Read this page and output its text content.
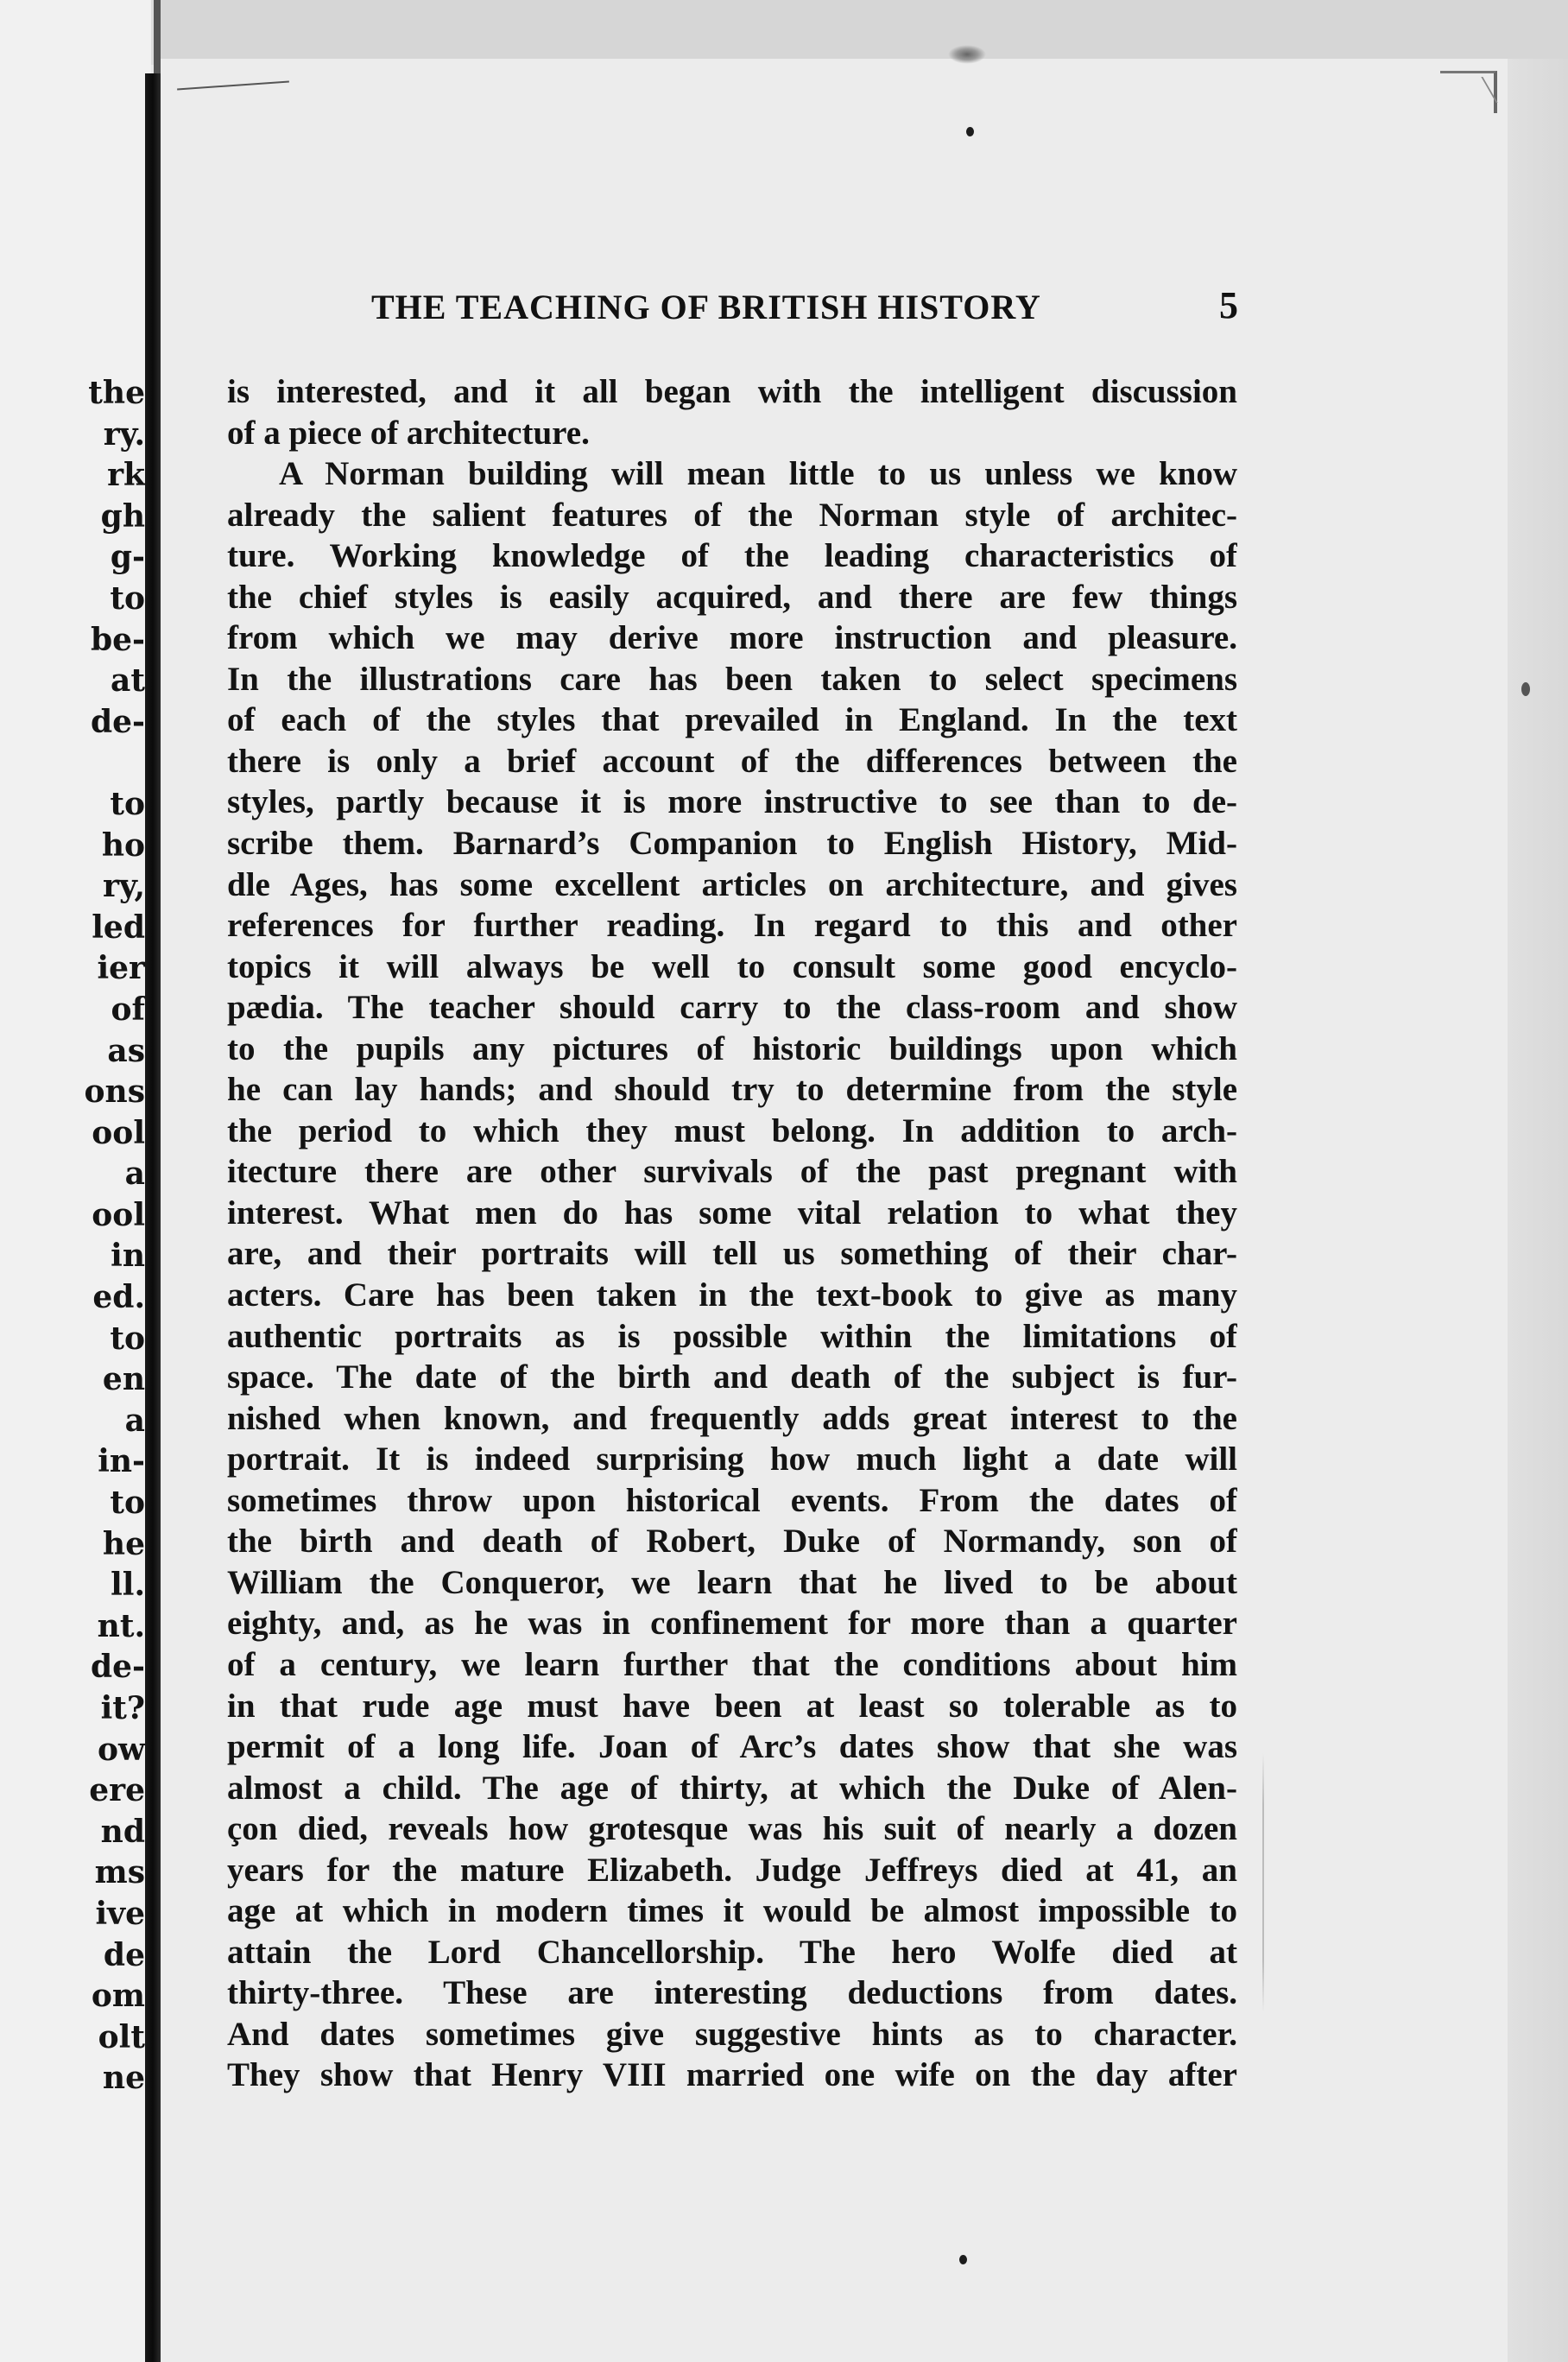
the
ry.
rk
gh
g-
to
be-
at
de-
to
ho
ry,
led
ier
of
as
ons
ool
a
ool
in
ed.
to
en
a
in-
to
he
ll.
nt.
de-
it?
ow
ere
nd
ms
ive
de
om
olt
ne
THE TEACHING OF BRITISH HISTORY	5
is interested, and it all began with the intelligent discussion
of a piece of architecture.
A Norman building will mean little to us unless we know
already the salient features of the Norman style of architec-
ture. Working knowledge of the leading characteristics of
the chief styles is easily acquired, and there are few things
from which we may derive more instruction and pleasure.
In the illustrations care has been taken to select specimens
of each of the styles that prevailed in England. In the text
there is only a brief account of the differences between the
styles, partly because it is more instructive to see than to de-
scribe them. Barnard’s Companion to English History, Mid-
dle Ages, has some excellent articles on architecture, and gives
references for further reading. In regard to this and other
topics it will always be well to consult some good encyclo-
pædia. The teacher should carry to the class-room and show
to the pupils any pictures of historic buildings upon which
he can lay hands; and should try to determine from the style
the period to which they must belong. In addition to arch-
itecture there are other survivals of the past pregnant with
interest. What men do has some vital relation to what they
are, and their portraits will tell us something of their char-
acters. Care has been taken in the text-book to give as many
authentic portraits as is possible within the limitations of
space. The date of the birth and death of the subject is fur-
nished when known, and frequently adds great interest to the
portrait. It is indeed surprising how much light a date will
sometimes throw upon historical events. From the dates of
the birth and death of Robert, Duke of Normandy, son of
William the Conqueror, we learn that he lived to be about
eighty, and, as he was in confinement for more than a quarter
of a century, we learn further that the conditions about him
in that rude age must have been at least so tolerable as to
permit of a long life. Joan of Arc’s dates show that she was
almost a child. The age of thirty, at which the Duke of Alen-
çon died, reveals how grotesque was his suit of nearly a dozen
years for the mature Elizabeth. Judge Jeffreys died at 41, an
age at which in modern times it would be almost impossible to
attain the Lord Chancellorship. The hero Wolfe died at
thirty-three. These are interesting deductions from dates.
And dates sometimes give suggestive hints as to character.
They show that Henry VIII married one wife on the day after
